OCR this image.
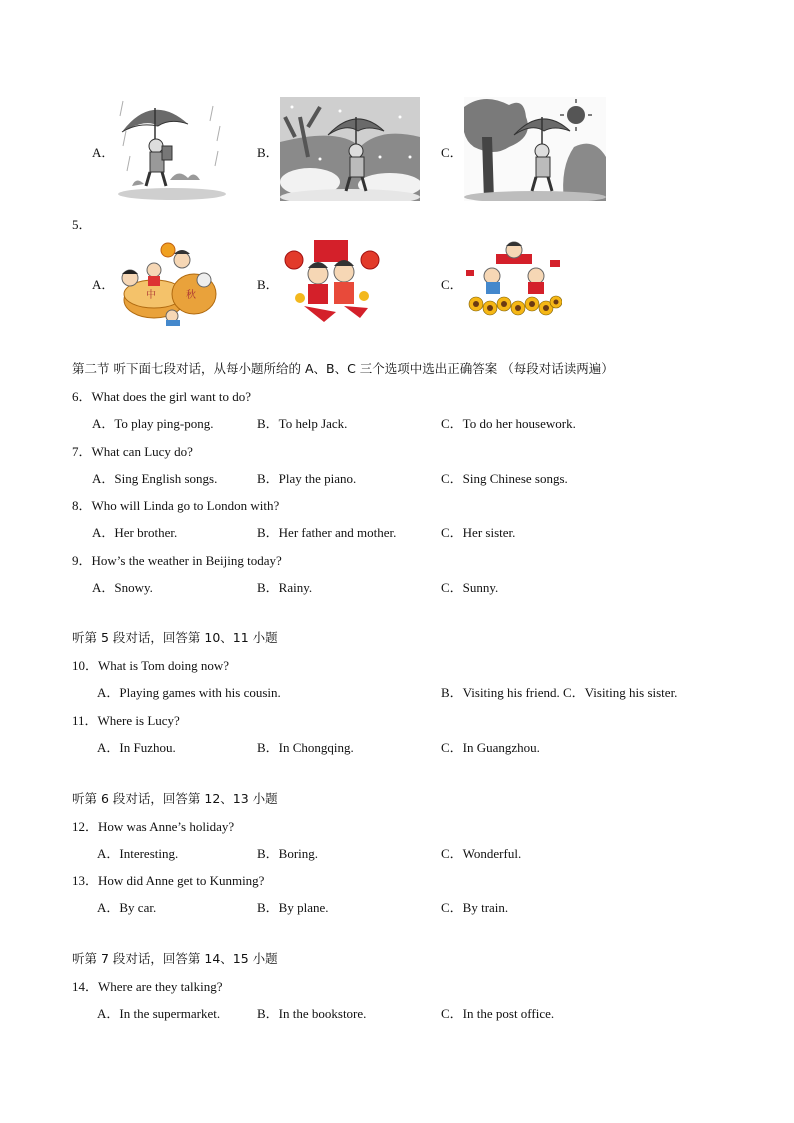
A．	B．	C．
5．
A．
中	秋
B．	C．
第二节 听下面七段对话，从每小题所给的 A、B、C 三个选项中选出正确答案 （每段对话读两遍）
6．What does the girl want to do?
A．To play ping-pong.	B．To help Jack.	C．To do her housework.
7．What can Lucy do?
A．Sing English songs.	B．Play the piano.	C．Sing Chinese songs.
8．Who will Linda go to London with?
A．Her brother.	B．Her father and mother.	C．Her sister.
9．How’s the weather in Beijing today?
A．Snowy.	B．Rainy.	C．Sunny.
听第 5 段对话，回答第 10、11 小题
10．What is Tom doing now?
A．Playing games with his cousin.	B．Visiting his friend. C．Visiting his sister.
11．Where is Lucy?
A．In Fuzhou.	B．In Chongqing.	C．In Guangzhou.
听第 6 段对话，回答第 12、13 小题
12．How was Anne’s holiday?
A．Interesting.	B．Boring.	C．Wonderful.
13．How did Anne get to Kunming?
A．By car.	B．By plane.	C．By train.
听第 7 段对话，回答第 14、15 小题
14．Where are they talking?
A．In the supermarket.	B．In the bookstore.	C．In the post office.
